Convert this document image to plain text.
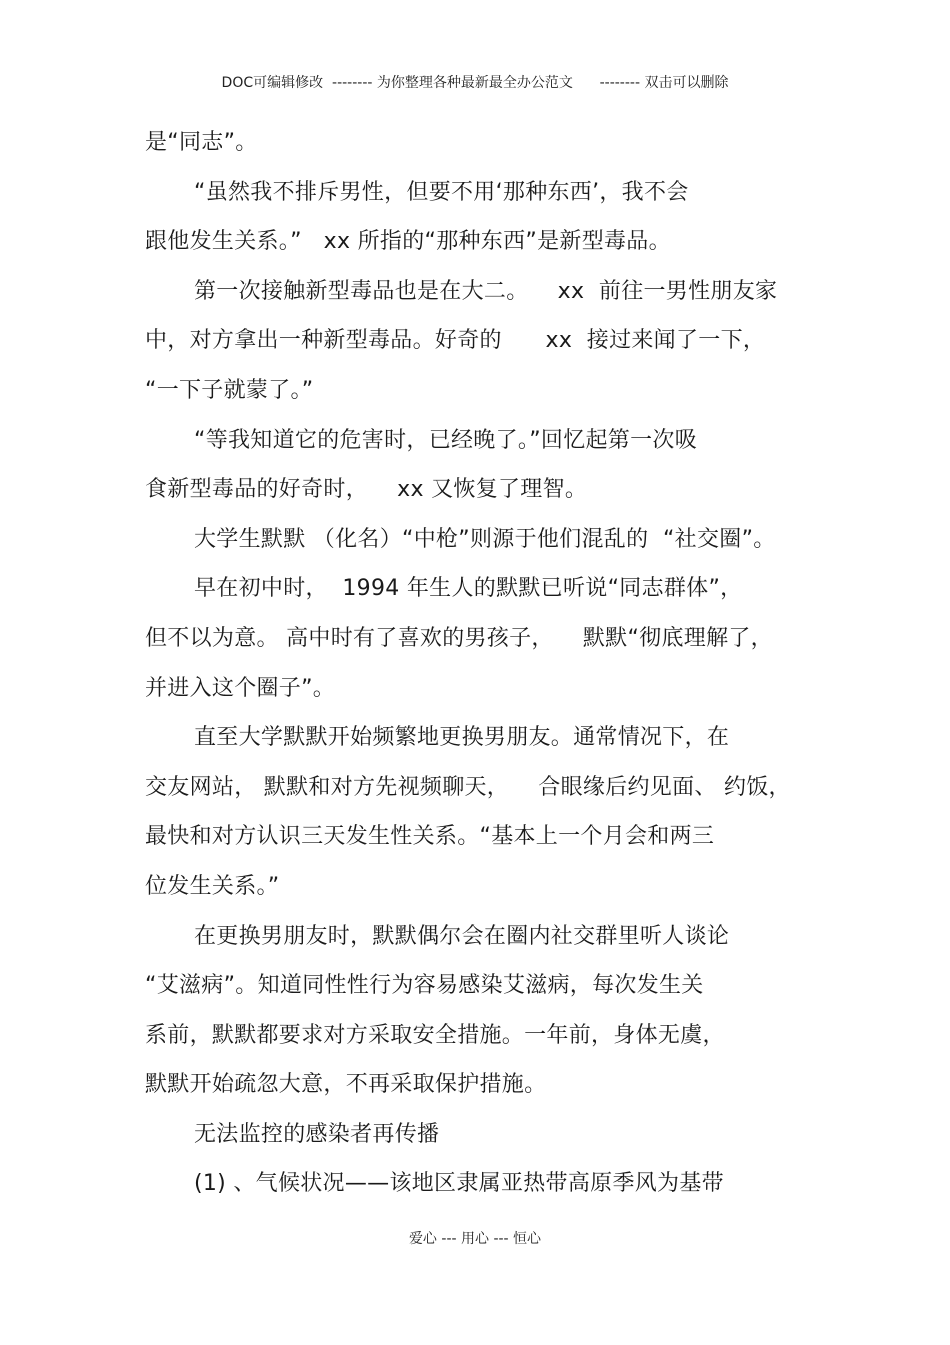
DOC可编辑修改  -------- 为你整理各种最新最全办公范文      -------- 双击可以删除
是“同志”。
“虽然我不排斥男性，但要不用‘那种东西’，我不会
跟他发生关系。”   xx 所指的“那种东西”是新型毒品。
第一次接触新型毒品也是在大二。    xx  前往一男性朋友家
中，对方拿出一种新型毒品。好奇的      xx  接过来闻了一下，
“一下子就蒙了。”
“等我知道它的危害时，已经晚了。”回忆起第一次吸
食新型毒品的好奇时，    xx 又恢复了理智。
大学生默默 （化名）“中枪”则源于他们混乱的  “社交圈”。
早在初中时，  1994 年生人的默默已听说“同志群体”，
但不以为意。 高中时有了喜欢的男孩子，    默默“彻底理解了，
并进入这个圈子”。
直至大学默默开始频繁地更换男朋友。通常情况下，在
交友网站， 默默和对方先视频聊天，    合眼缘后约见面、 约饭，
最快和对方认识三天发生性关系。“基本上一个月会和两三
位发生关系。”
在更换男朋友时，默默偶尔会在圈内社交群里听人谈论
“艾滋病”。知道同性性行为容易感染艾滋病，每次发生关
系前，默默都要求对方采取安全措施。一年前，身体无虞，
默默开始疏忽大意，不再采取保护措施。
无法监控的感染者再传播
(1) 、气候状况——该地区隶属亚热带高原季风为基带
爱心 --- 用心 --- 恒心
